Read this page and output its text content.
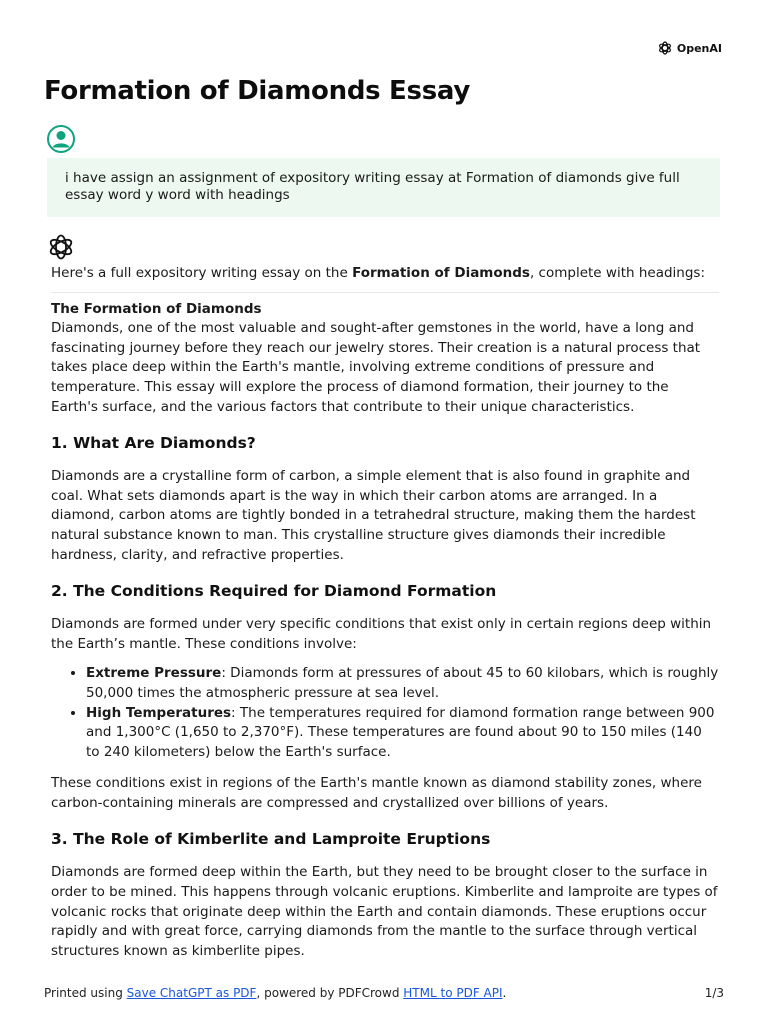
OpenAI
Formation of Diamonds Essay
i have assign an assignment of expository writing essay at Formation of diamonds give full essay word y word with headings

Here's a full expository writing essay on the Formation of Diamonds, complete with headings:

The Formation of Diamonds

Diamonds, one of the most valuable and sought-after gemstones in the world, have a long and fascinating journey before they reach our jewelry stores. Their creation is a natural process that takes place deep within the Earth's mantle, involving extreme conditions of pressure and temperature. This essay will explore the process of diamond formation, their journey to the Earth's surface, and the various factors that contribute to their unique characteristics.

1. What Are Diamonds?

Diamonds are a crystalline form of carbon, a simple element that is also found in graphite and coal. What sets diamonds apart is the way in which their carbon atoms are arranged. In a diamond, carbon atoms are tightly bonded in a tetrahedral structure, making them the hardest natural substance known to man. This crystalline structure gives diamonds their incredible hardness, clarity, and refractive properties.

2. The Conditions Required for Diamond Formation

Diamonds are formed under very specific conditions that exist only in certain regions deep within the Earth’s mantle. These conditions involve:

• Extreme Pressure: Diamonds form at pressures of about 45 to 60 kilobars, which is roughly 50,000 times the atmospheric pressure at sea level.
• High Temperatures: The temperatures required for diamond formation range between 900 and 1,300°C (1,650 to 2,370°F). These temperatures are found about 90 to 150 miles (140 to 240 kilometers) below the Earth's surface.

These conditions exist in regions of the Earth's mantle known as diamond stability zones, where carbon-containing minerals are compressed and crystallized over billions of years.

3. The Role of Kimberlite and Lamproite Eruptions

Diamonds are formed deep within the Earth, but they need to be brought closer to the surface in order to be mined. This happens through volcanic eruptions. Kimberlite and lamproite are types of volcanic rocks that originate deep within the Earth and contain diamonds. These eruptions occur rapidly and with great force, carrying diamonds from the mantle to the surface through vertical structures known as kimberlite pipes.

Printed using Save ChatGPT as PDF, powered by PDFCrowd HTML to PDF API.	1/3
